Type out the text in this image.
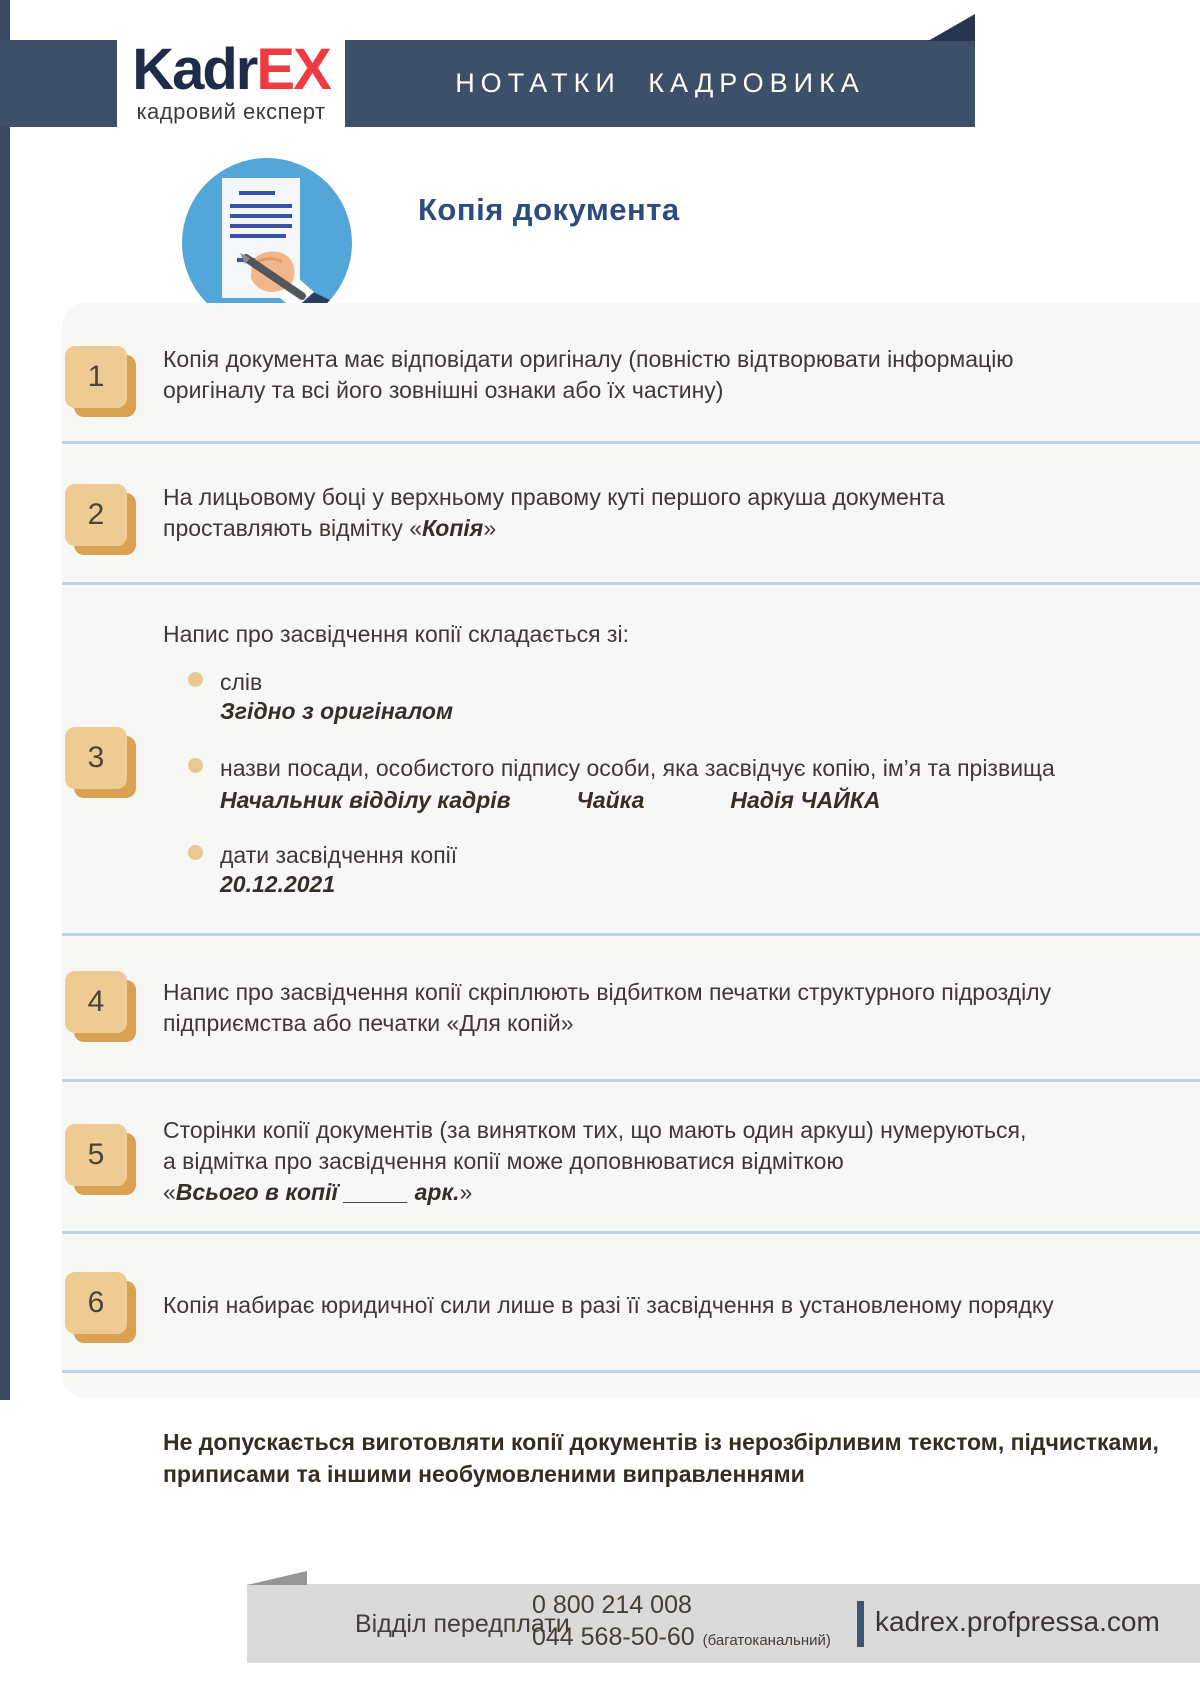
НОТАТКИ КАДРОВИКА
KadrEX
кадровий експерт
Копія документа
1
Копія документа має відповідати оригіналу (повністю відтворювати інформацію
оригіналу та всі його зовнішні ознаки або їх частину)
2
На лицьовому боці у верхньому правому куті першого аркуша документа
проставляють відмітку «Копія»
3
Напис про засвідчення копії складається зі:
слів
Згідно з оригіналом
назви посади, особистого підпису особи, яка засвідчує копію, ім’я та прізвища
Начальник відділу кадрів	Чайка	Надія ЧАЙКА
дати засвідчення копії
20.12.2021
4	Напис про засвідчення копії скріплюють відбитком печатки структурного підрозділу
підприємства або печатки «Для копій»
5
Сторінки копії документів (за винятком тих, що мають один аркуш) нумеруються,
а відмітка про засвідчення копії може доповнюватися відміткою
«Всього в копії _____ арк.»
6	Копія набирає юридичної сили лише в разі її засвідчення в установленому порядку
Не допускається виготовляти копії документів із нерозбірливим текстом, підчистками,
приписами та іншими необумовленими виправленнями
Відділ передплати
0 800 214 008
044 568-50-60 (багатоканальний)
kadrex.profpressa.com
